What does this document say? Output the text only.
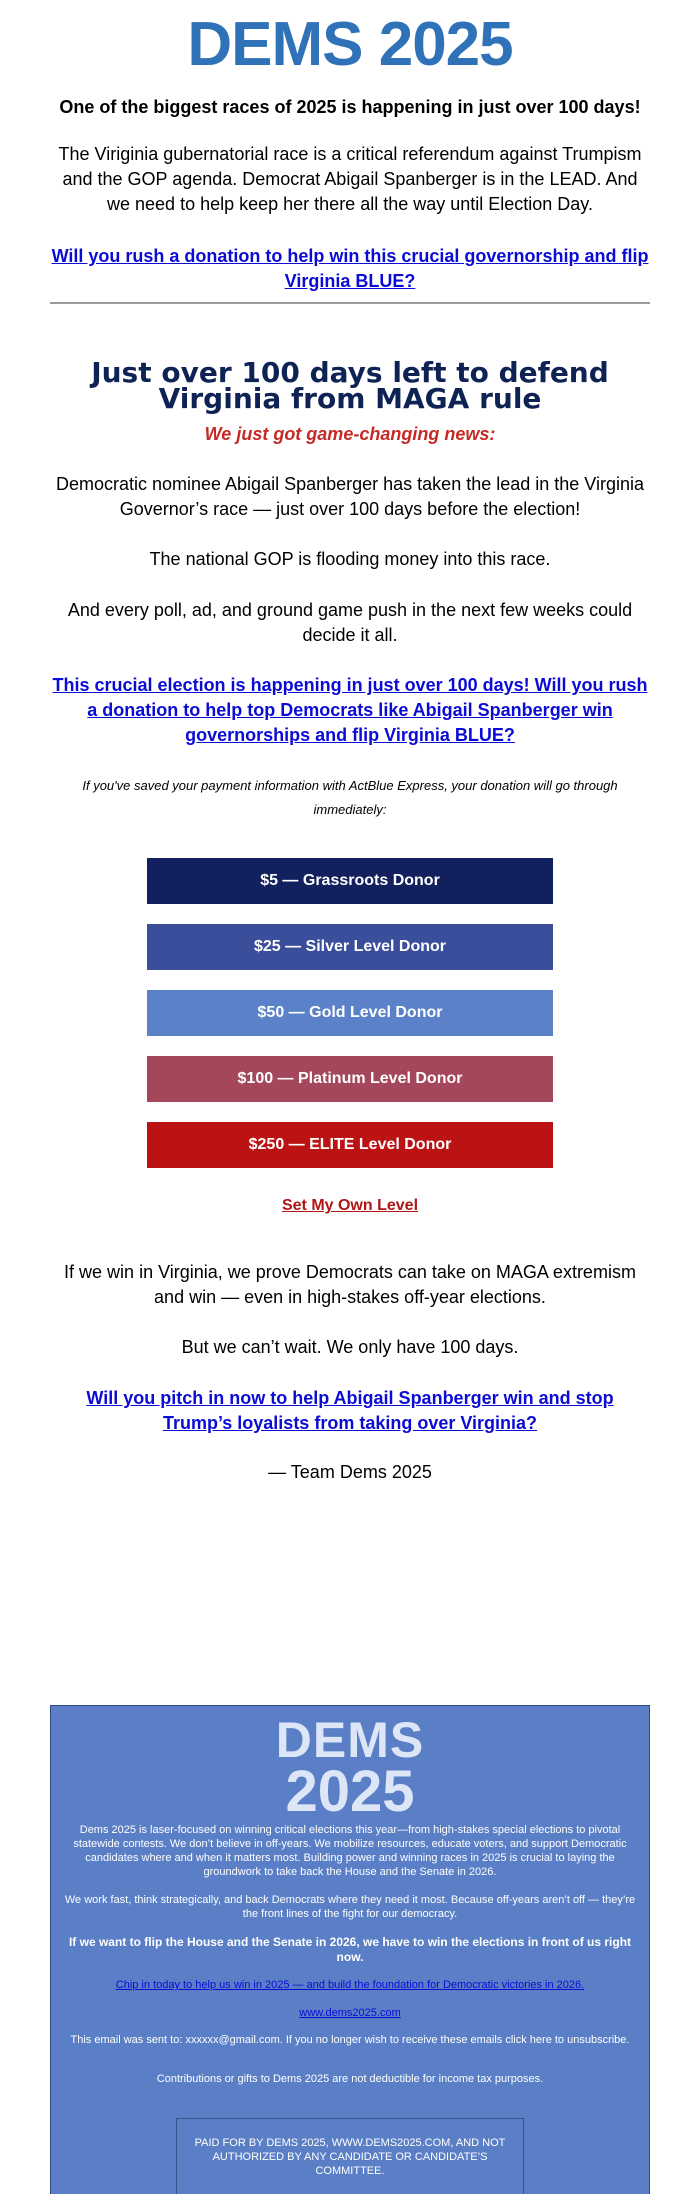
DEMS 2025
One of the biggest races of 2025 is happening in just over 100 days!
The Viriginia gubernatorial race is a critical referendum against Trumpism and the GOP agenda. Democrat Abigail Spanberger is in the LEAD. And we need to help keep her there all the way until Election Day.
Will you rush a donation to help win this crucial governorship and flip Virginia BLUE?
Just over 100 days left to defend Virginia from MAGA rule
We just got game-changing news:
Democratic nominee Abigail Spanberger has taken the lead in the Virginia Governor’s race — just over 100 days before the election!
The national GOP is flooding money into this race.
And every poll, ad, and ground game push in the next few weeks could decide it all.
This crucial election is happening in just over 100 days! Will you rush a donation to help top Democrats like Abigail Spanberger win governorships and flip Virginia BLUE?
If you've saved your payment information with ActBlue Express, your donation will go through immediately:
$5 — Grassroots Donor
$25 — Silver Level Donor
$50 — Gold Level Donor
$100 — Platinum Level Donor
$250 — ELITE Level Donor
Set My Own Level
If we win in Virginia, we prove Democrats can take on MAGA extremism and win — even in high-stakes off-year elections.
But we can’t wait. We only have 100 days.
Will you pitch in now to help Abigail Spanberger win and stop Trump’s loyalists from taking over Virginia?
— Team Dems 2025
DEMS
2025
Dems 2025 is laser-focused on winning critical elections this year—from high-stakes special elections to pivotal statewide contests. We don’t believe in off-years. We mobilize resources, educate voters, and support Democratic candidates where and when it matters most. Building power and winning races in 2025 is crucial to laying the groundwork to take back the House and the Senate in 2026.
We work fast, think strategically, and back Democrats where they need it most. Because off-years aren’t off — they’re the front lines of the fight for our democracy.
If we want to flip the House and the Senate in 2026, we have to win the elections in front of us right now.
Chip in today to help us win in 2025 — and build the foundation for Democratic victories in 2026.
www.dems2025.com
This email was sent to: xxxxxx@gmail.com. If you no longer wish to receive these emails click here to unsubscribe.
Contributions or gifts to Dems 2025 are not deductible for income tax purposes.
PAID FOR BY DEMS 2025, WWW.DEMS2025.COM, AND NOT AUTHORIZED BY ANY CANDIDATE OR CANDIDATE’S COMMITTEE.
